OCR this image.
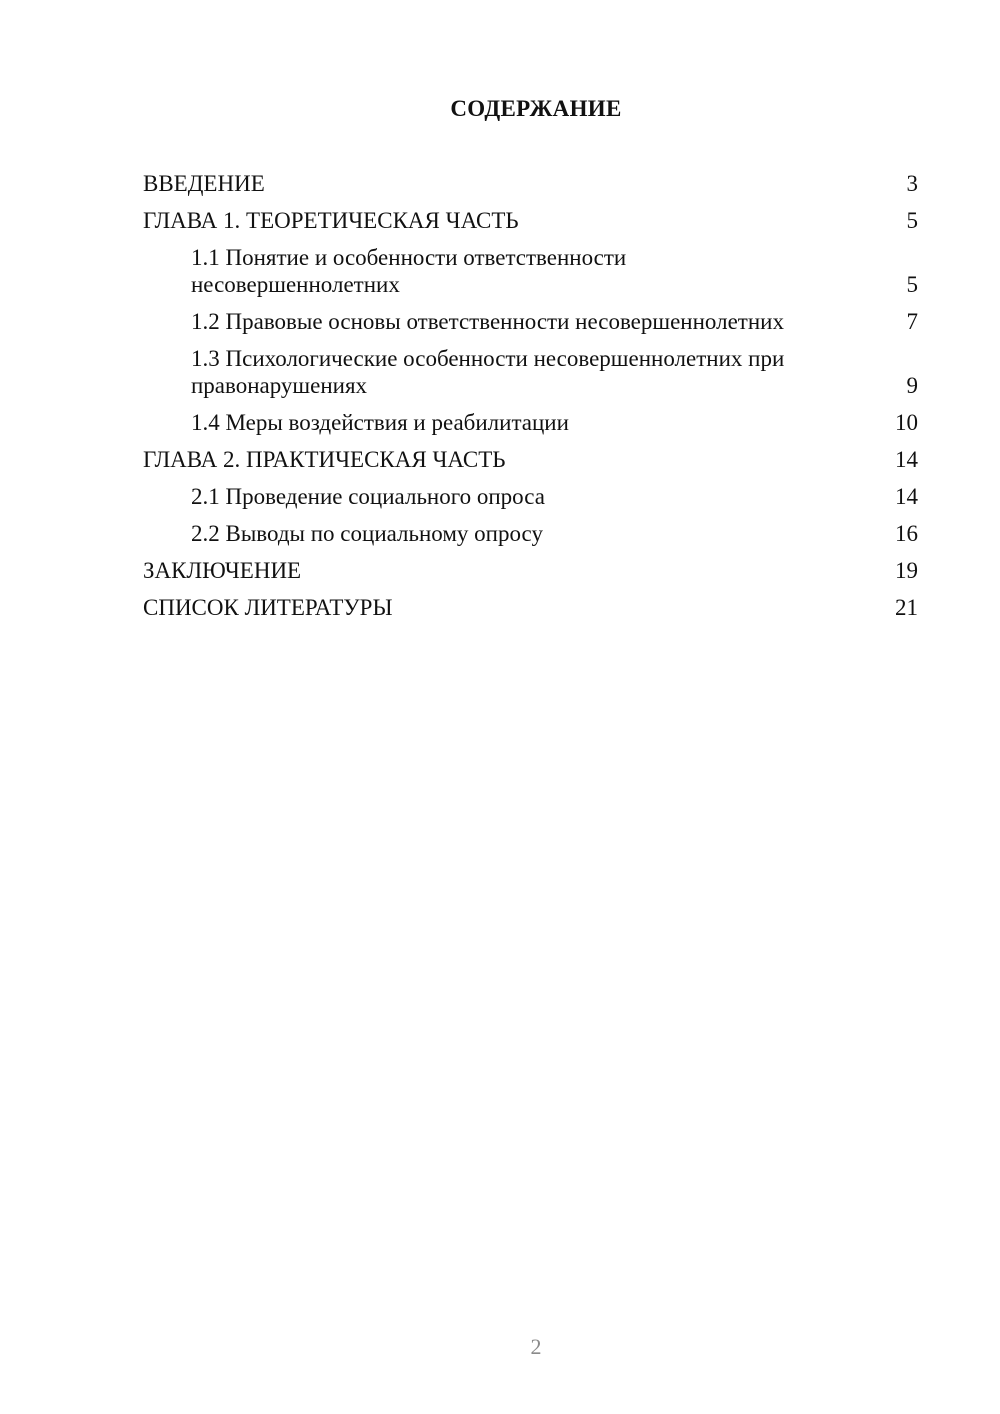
СОДЕРЖАНИЕ
ВВЕДЕНИЕ	3
ГЛАВА 1. ТЕОРЕТИЧЕСКАЯ ЧАСТЬ	5
1.1 Понятие и особенности ответственности несовершеннолетних	5
1.2 Правовые основы ответственности несовершеннолетних	7
1.3 Психологические особенности несовершеннолетних при правонарушениях	9
1.4 Меры воздействия и реабилитации	10
ГЛАВА 2. ПРАКТИЧЕСКАЯ ЧАСТЬ	14
2.1 Проведение социального опроса	14
2.2 Выводы по социальному опросу	16
ЗАКЛЮЧЕНИЕ	19
СПИСОК ЛИТЕРАТУРЫ	21
2
